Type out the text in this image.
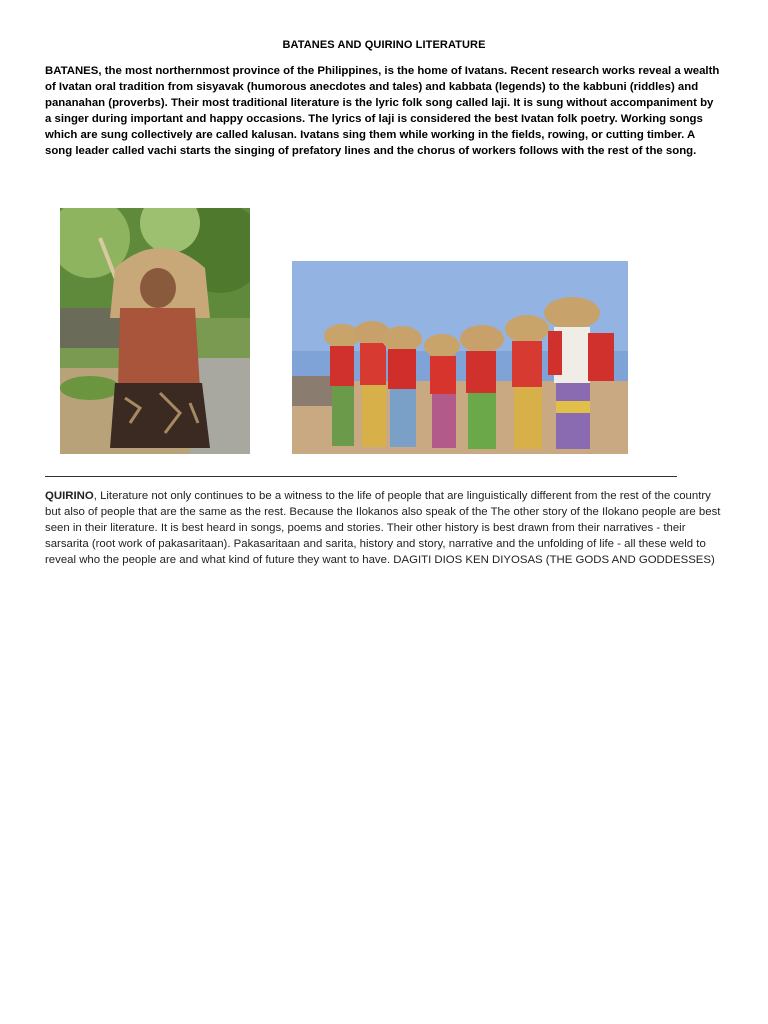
BATANES AND QUIRINO LITERATURE
BATANES, the most northernmost province of the Philippines, is the home of Ivatans. Recent research works reveal a wealth of Ivatan oral tradition from sisyavak (humorous anecdotes and tales) and kabbata (legends) to the kabbuni (riddles) and pananahan (proverbs). Their most traditional literature is the lyric folk song called laji. It is sung without accompaniment by a singer during important and happy occasions. The lyrics of laji is considered the best Ivatan folk poetry. Working songs which are sung collectively are called kalusan. Ivatans sing them while working in the fields, rowing, or cutting timber. A song leader called vachi starts the singing of prefatory lines and the chorus of workers follows with the rest of the song.
QUIRINO, Literature not only continues to be a witness to the life of people that are linguistically different from the rest of the country but also of people that are the same as the rest. Because the Ilokanos also speak of the The other story of the Ilokano people are best seen in their literature. It is best heard in songs, poems and stories. Their other history is best drawn from their narratives - their sarsarita (root work of pakasaritaan). Pakasaritaan and sarita, history and story, narrative and the unfolding of life - all these weld to reveal who the people are and what kind of future they want to have. DAGITI DIOS KEN DIYOSAS (THE GODS AND GODDESSES)
